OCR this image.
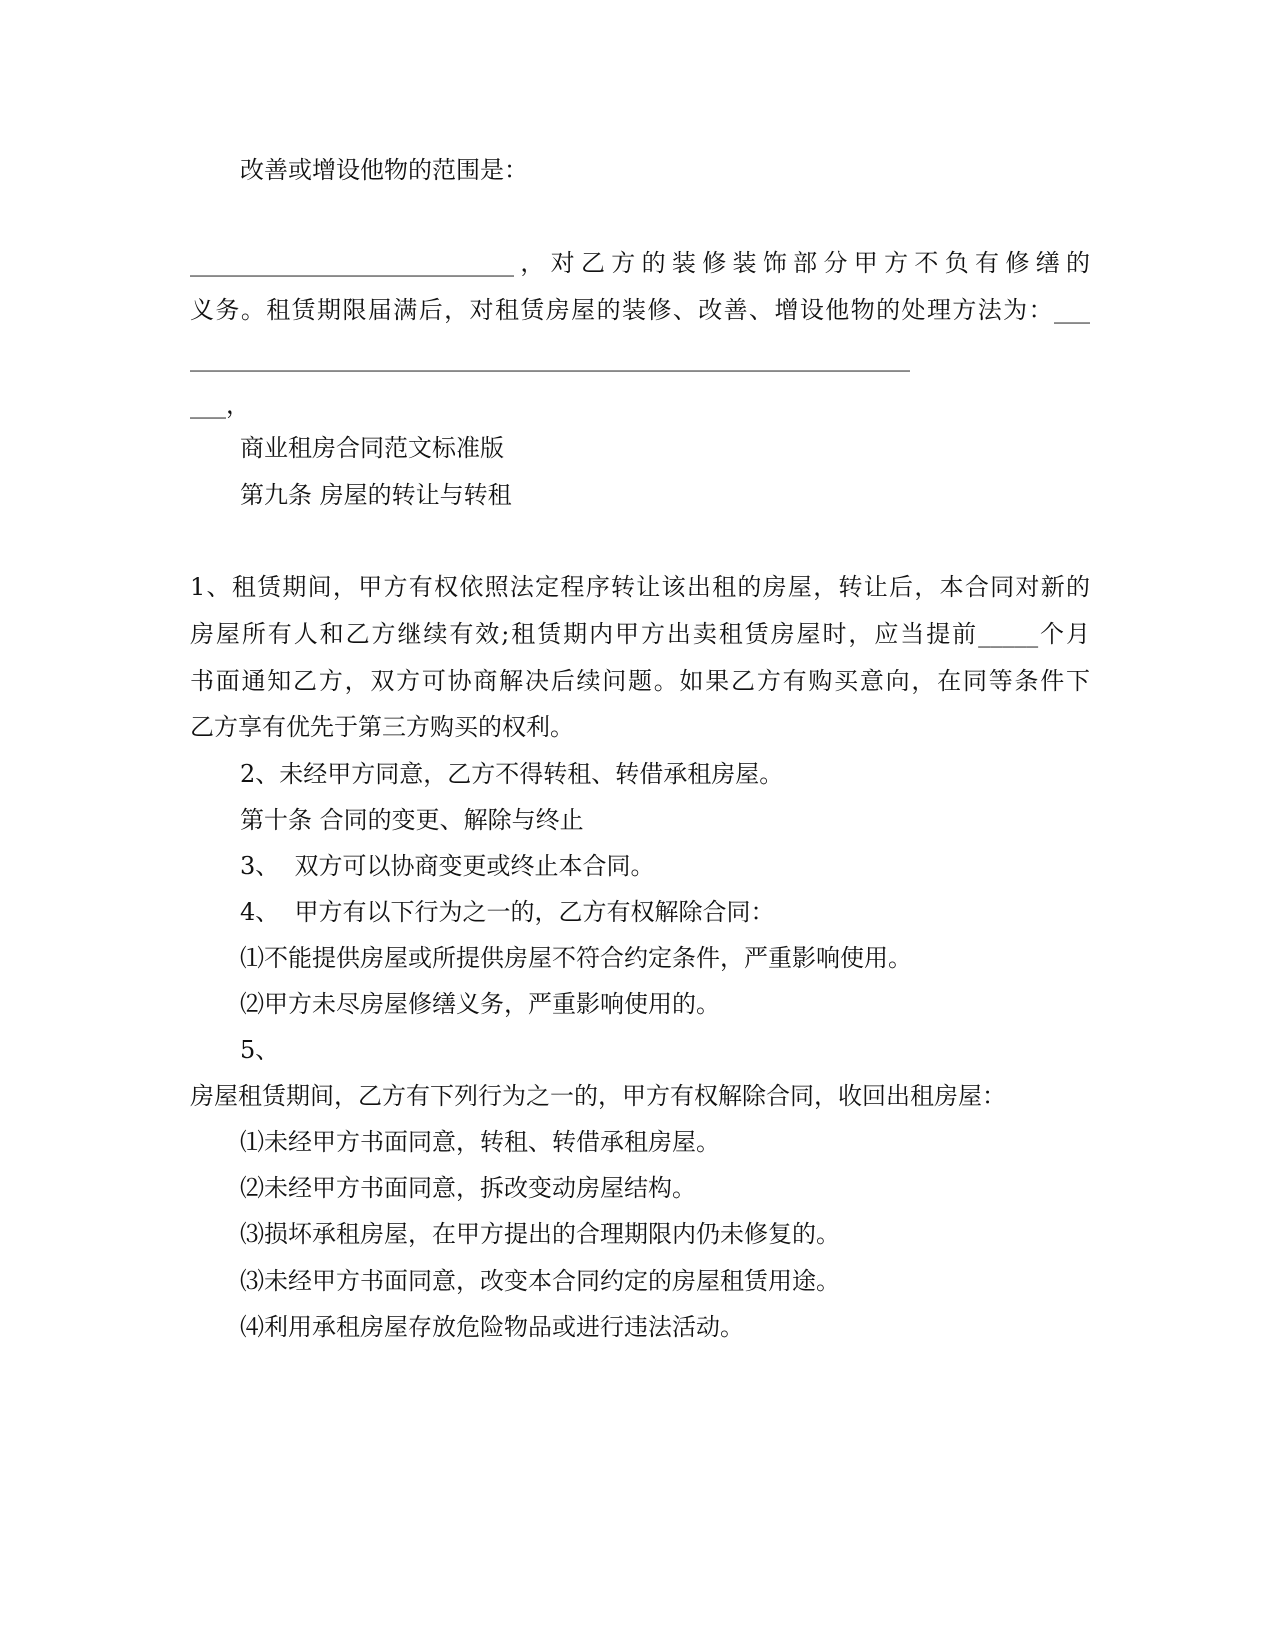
改善或增设他物的范围是：
___________________________，对乙方的装修装饰部分甲方不负有修缮的
义务。租赁期限届满后，对租赁房屋的装修、改善、增设他物的处理方法为：___
____________________________________________________________
___，
商业租房合同范文标准版
第九条 房屋的转让与转租
1、租赁期间，甲方有权依照法定程序转让该出租的房屋，转让后，本合同对新的
房屋所有人和乙方继续有效;租赁期内甲方出卖租赁房屋时，应当提前_____个月
书面通知乙方，双方可协商解决后续问题。如果乙方有购买意向，在同等条件下
乙方享有优先于第三方购买的权利。
2、未经甲方同意，乙方不得转租、转借承租房屋。
第十条 合同的变更、解除与终止
3、  双方可以协商变更或终止本合同。
4、  甲方有以下行为之一的，乙方有权解除合同：
⑴不能提供房屋或所提供房屋不符合约定条件，严重影响使用。
⑵甲方未尽房屋修缮义务，严重影响使用的。
5、
房屋租赁期间，乙方有下列行为之一的，甲方有权解除合同，收回出租房屋：
⑴未经甲方书面同意，转租、转借承租房屋。
⑵未经甲方书面同意，拆改变动房屋结构。
⑶损坏承租房屋，在甲方提出的合理期限内仍未修复的。
⑶未经甲方书面同意，改变本合同约定的房屋租赁用途。
⑷利用承租房屋存放危险物品或进行违法活动。
